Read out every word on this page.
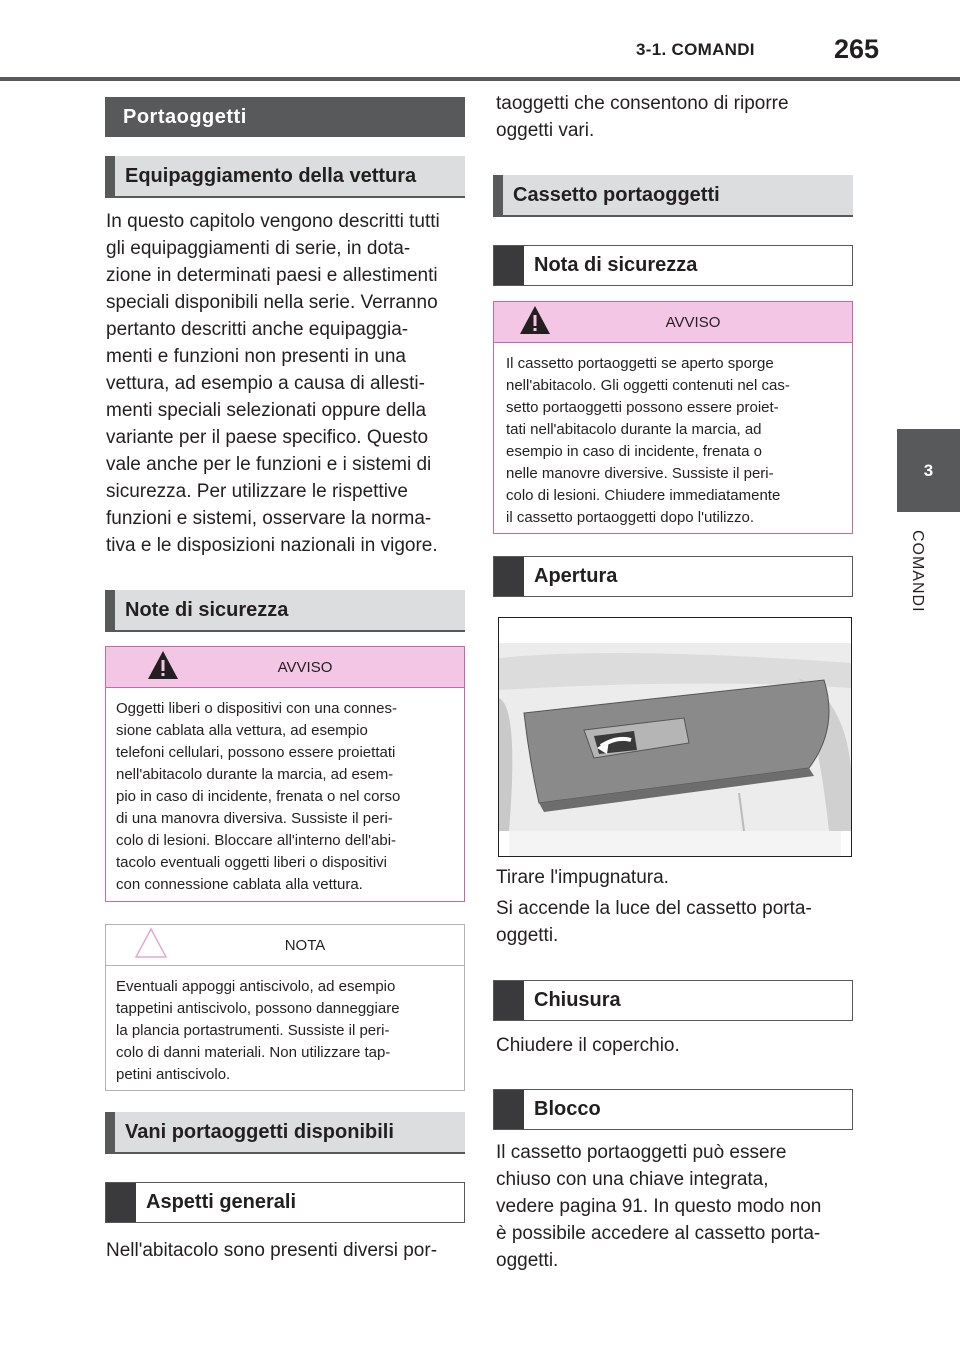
3-1. COMANDI	265
3
COMANDI
Portaoggetti
Equipaggiamento della vettura
In questo capitolo vengono descritti tutti
gli equipaggiamenti di serie, in dota-
zione in determinati paesi e allestimenti
speciali disponibili nella serie. Verranno
pertanto descritti anche equipaggia-
menti e funzioni non presenti in una
vettura, ad esempio a causa di allesti-
menti speciali selezionati oppure della
variante per il paese specifico. Questo
vale anche per le funzioni e i sistemi di
sicurezza. Per utilizzare le rispettive
funzioni e sistemi, osservare la norma-
tiva e le disposizioni nazionali in vigore.
Note di sicurezza
AVVISO
Oggetti liberi o dispositivi con una connes-
sione cablata alla vettura, ad esempio
telefoni cellulari, possono essere proiettati
nell'abitacolo durante la marcia, ad esem-
pio in caso di incidente, frenata o nel corso
di una manovra diversiva. Sussiste il peri-
colo di lesioni. Bloccare all'interno dell'abi-
tacolo eventuali oggetti liberi o dispositivi
con connessione cablata alla vettura.
NOTA
Eventuali appoggi antiscivolo, ad esempio
tappetini antiscivolo, possono danneggiare
la plancia portastrumenti. Sussiste il peri-
colo di danni materiali. Non utilizzare tap-
petini antiscivolo.
Vani portaoggetti disponibili
Aspetti generali
Nell'abitacolo sono presenti diversi por-
taoggetti che consentono di riporre
oggetti vari.
Cassetto portaoggetti
Nota di sicurezza
AVVISO
Il cassetto portaoggetti se aperto sporge
nell'abitacolo. Gli oggetti contenuti nel cas-
setto portaoggetti possono essere proiet-
tati nell'abitacolo durante la marcia, ad
esempio in caso di incidente, frenata o
nelle manovre diversive. Sussiste il peri-
colo di lesioni. Chiudere immediatamente
il cassetto portaoggetti dopo l'utilizzo.
Apertura
Tirare l'impugnatura.
Si accende la luce del cassetto porta-
oggetti.
Chiusura
Chiudere il coperchio.
Blocco
Il cassetto portaoggetti può essere
chiuso con una chiave integrata,
vedere pagina 91. In questo modo non
è possibile accedere al cassetto porta-
oggetti.
